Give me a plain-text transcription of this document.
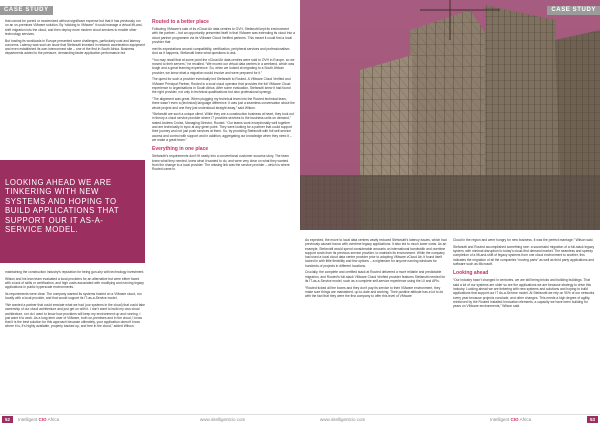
CASE STUDY

that cannot be ported or modernised without significant expense but that it has previously run on an on-premises VMware solution. By “sticking to VMware” it could manage a virtual lift-and-shift migration into the cloud, and then deploy more modern cloud services to enable other technology services.

But hosting its workloads in Europe presented some challenges, particularly cost and latency concerns. Latency was such an issue that Stefanutti invested in network acceleration equipment and even established its own interconnect site – one of the first in South Africa. Business departments added to the pressure, demanding faster application performance but

LOOKING AHEAD WE ARE TINKERING WITH NEW SYSTEMS AND HOPING TO BUILD APPLICATIONS THAT SUPPORT OUR IT AS-A-SERVICE MODEL.

maintaining the construction industry’s reputation for being gun-shy with technology investment.

Wilson and his lean team evaluated a local providers for an alternative but were either faced with a lack of skills or certification, and high costs associated with modifying and running legacy applications in public hyperscale environments.

Its requirements were clear. The company wanted its systems hosted on a VMware cloud, run locally with a local provider, and that would support its IT-as-a-Service model.

“We wanted a partner that could emulate what we had (our systems in the cloud) that could take ownership of our cloud architecture and just get on with it. I don’t want to build my own cloud architecture, nor do I want to know how providers will keep my environment up and running. I just want it to work. As a long-term user of VMware, both on-premises and in the cloud, I know that it is the best solution for this approach because ultimately, your application doesn’t know where it is, it’s highly available, properly backed up, and free in the cloud,” added Wilson.

Routed to a better place

Following VMware’s sale of its vCloud Air data centres to OVH, Stefanutti kept its environment with the partner – but an opportunity presented itself in that VMware was extending its cloud into a cloud partner programme via its VMware Cloud Verified partners. This meant it could find a local provider that

met its expectations around compatibility, certification, peripheral services and professionalism. And as it happens, Stefanutti knew what questions to ask.

“You may recall that at some point the vCloud Air data centres were sold to OVH in Europe, so we moved to their servers,” he recalled. “We moved our virtual data centres in a weekend, which was tough and a great learning experience. So, when we looked at migrating to a South African provider, we knew what a migration would involve and were prepared for it.”

The quest for such a provider eventually led Stefanutti to Routed. A VMware Cloud Verified and VMware Principal Partner, Routed is a local cloud operator that provides the full VMware Cloud experience to organisations in South Africa. After some evaluation, Stefanutti knew it had found the right provider, not only in technical qualifications but also professional synergy.

“The alignment was great. When plugging my technical team into the Routed technical team, there wasn’t even a (technical) language difference. It was just a seamless conversation about the whole project and one they just understood straight away,” said Wilson.

“Stefanutti are such a unique client. While they are a construction business at heart, they took out in theory a cloud service provider where IT provides services to the business units on demand,” stated Andrew Cruise, Managing Director, Routed. “Our teams work exceptionally well together and are technically in sync at any given point. They were looking for a partner that could support their journey and not just push services at them. So, by providing Stefanutti with full self-service access and control with support and in addition, aggregating our knowledge when they need it – we make a great team.”

Everything in one place

Stefanutti’s requirements don’t fit neatly into a conventional customer success story. The team knew what they needed, knew what it wanted to do, and were very clear on what they wanted from the change to a local provider. The missing link was the service provider – which is where Routed came in.

52	Intelligent CIO Africa	www.intelligentcio.com
CASE STUDY

As expected, the move to local data centres vastly reduced Stefanutti’s latency issues, which had previously caused havoc with overtime legacy applications. It also led to much lower costs. As an example, Stefanutti would spend considerable amounts on international bandwidth and overtime support costs from its previous service provider, to maintain its environment. While the company had used a local cloud data centre provider prior to adopting VMware vCloud Air, it found itself locked in with little flexibility and few options – a nightmare for anyone running windows for hundreds of projects in different locations.

Crucially, the complete and certified stack at Routed delivered a more reliable and predictable migration, and Routed’s full-stack VMware Cloud Verified provider features Stefanutti needed for its IT-as-a-Service model, such as a complete self-service experience using the UI and APIs.

“Routed ticked all the boxes and they don’t pay its service to their VMware environment, they make sure things are maintained, up-to-date and working. Their positive attitude has a lot to do with the fact that they were the first company to offer this level of VMware

Cloud in the region and were hungry for new business. It was the perfect marriage,” Wilson said.

Stefanutti and Routed accomplished something rare: a successful migration of a full-stack legacy system, with minimal disruption to today’s cloud-first demand market. The seamless and speedy completion of a lift-and-shift of legacy systems from one cloud environment to another, this indicates the migration of all the companies “moving parts” as well as third party applications and software such as Microsoft.

Looking ahead

“Our industry hasn’t changed in centuries, we are still being bricks and building buildings. That said a lot of our systems are older so are the applications we are because strategy to drive this industry. Looking ahead we are tinkering with new systems and solutions and hoping to build applications that support our IT As-a-Service model. At Stefanutti we rely on 90% of our networks every year because projects conclude, and other changes. This needs a high degree of agility, reinforced by the Routed Installed Innovation elements, a capacity we have been building for years on VMware environments,” Wilson said.

www.intelligentcio.com	Intelligent CIO Africa	53
